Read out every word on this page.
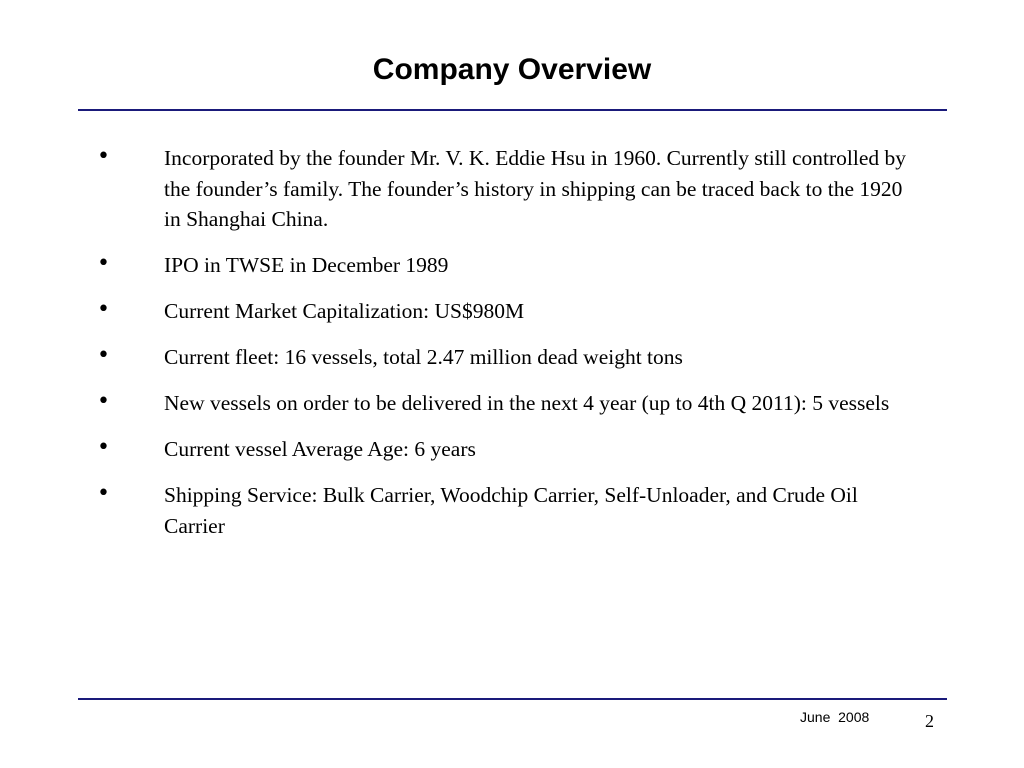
Company Overview
•	Incorporated by the founder Mr. V. K. Eddie Hsu in 1960. Currently still controlled by the founder’s family. The founder’s history in shipping can be traced back to the 1920 in Shanghai China.
•	IPO in TWSE in December 1989
•	Current Market Capitalization: US$980M
•	Current fleet: 16 vessels, total 2.47 million dead weight tons
•	New vessels on order to be delivered in the next 4 year (up to 4th Q 2011): 5 vessels
•	Current vessel Average Age: 6 years
•	Shipping Service: Bulk Carrier, Woodchip Carrier, Self-Unloader, and Crude Oil Carrier
June  2008	2
